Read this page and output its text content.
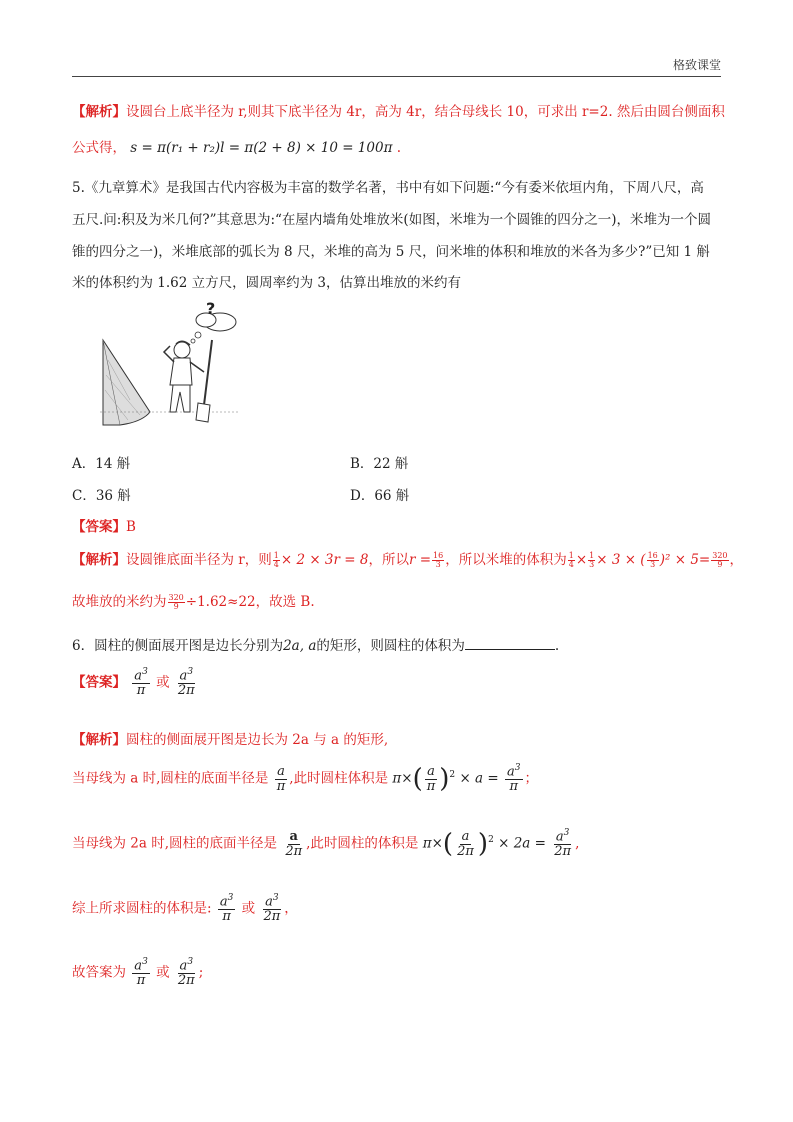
格致课堂
【解析】设圆台上底半径为 r,则其下底半径为 4r，高为 4r，结合母线长 10，可求出 r=2. 然后由圆台侧面积
公式得， s = π(r₁ + r₂)l = π(2 + 8) × 10 = 100π .
5.《九章算术》是我国古代内容极为丰富的数学名著，书中有如下问题:“今有委米依垣内角，下周八尺，高
五尺.问:积及为米几何?”其意思为:“在屋内墙角处堆放米(如图，米堆为一个圆锥的四分之一)，米堆为一个圆
锥的四分之一)，米堆底部的弧长为 8 尺，米堆的高为 5 尺，问米堆的体积和堆放的米各为多少?”已知 1 斛
米的体积约为 1.62 立方尺，圆周率约为 3，估算出堆放的米约有
?
A．14 斛	B．22 斛
C．36 斛	D．66 斛
【答案】B
【解析】设圆锥底面半径为 r，则 $\frac{1}{4} \times 2 \times 3r = 8$，所以$r = \frac{16}{3}$ ，所以米堆的体积为 $\frac{1}{4} \times \frac{1}{3} \times 3$ × ( $\frac{16}{3} )^2 \times 5= \frac{320}{9}$ ，
故堆放的米约为 $\frac{320}{9} \div 1.62\approx 22$，故选 B.
6．圆柱的侧面展开图是边长分别为2a, a的矩形，则圆柱的体积为	.
【答案】 $\frac{a^3}{\pi}$ 或 $\frac{a^3}{2\pi}$
【解析】圆柱的侧面展开图是边长为 2a 与 a 的矩形,
当母线为 a 时,圆柱的底面半径是 $\frac{a}{\pi}$ ,此时圆柱体积是 $\pi\times( \frac{a}{\pi} )^2 \times a = \frac{a^3}{\pi}$ ；
当母线为 2a 时,圆柱的底面半径是 $\frac{a}{2\pi}$ ,此时圆柱的体积是 $\pi\times( \frac{a}{2\pi} )^2 \times 2a = \frac{a^3}{2\pi}$ ,
综上所求圆柱的体积是: $\frac{a^3}{\pi}$ 或 $\frac{a^3}{2\pi}$ ，
故答案为 $\frac{a^3}{\pi}$ 或 $\frac{a^3}{2\pi}$ ;
